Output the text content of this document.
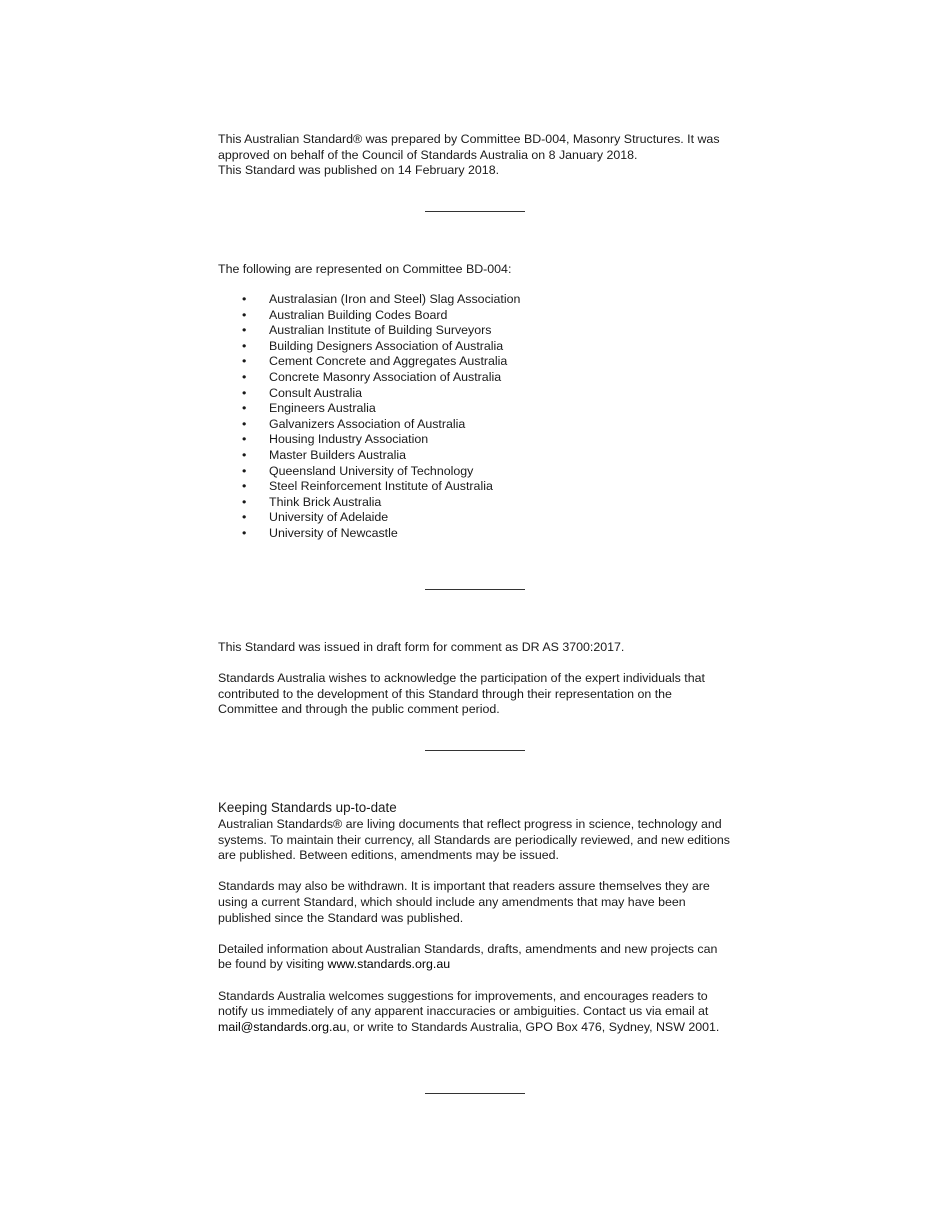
This Australian Standard® was prepared by Committee BD-004, Masonry Structures. It was

approved on behalf of the Council of Standards Australia on 8 January 2018.

This Standard was published on 14 February 2018.

The following are represented on Committee BD-004:

• Australasian (Iron and Steel) Slag Association
• Australian Building Codes Board
• Australian Institute of Building Surveyors
• Building Designers Association of Australia
• Cement Concrete and Aggregates Australia
• Concrete Masonry Association of Australia
• Consult Australia
• Engineers Australia
• Galvanizers Association of Australia
• Housing Industry Association
• Master Builders Australia
• Queensland University of Technology
• Steel Reinforcement Institute of Australia
• Think Brick Australia
• University of Adelaide
• University of Newcastle

This Standard was issued in draft form for comment as DR AS 3700:2017.

Standards Australia wishes to acknowledge the participation of the expert individuals that

contributed to the development of this Standard through their representation on the

Committee and through the public comment period.

Keeping Standards up-to-date

Australian Standards® are living documents that reflect progress in science, technology and
systems. To maintain their currency, all Standards are periodically reviewed, and new editions
are published. Between editions, amendments may be issued.

Standards may also be withdrawn. It is important that readers assure themselves they are
using a current Standard, which should include any amendments that may have been
published since the Standard was published.

Detailed information about Australian Standards, drafts, amendments and new projects can
be found by visiting www.standards.org.au

Standards Australia welcomes suggestions for improvements, and encourages readers to
notify us immediately of any apparent inaccuracies or ambiguities. Contact us via email at
mail@standards.org.au, or write to Standards Australia, GPO Box 476, Sydney, NSW 2001.
